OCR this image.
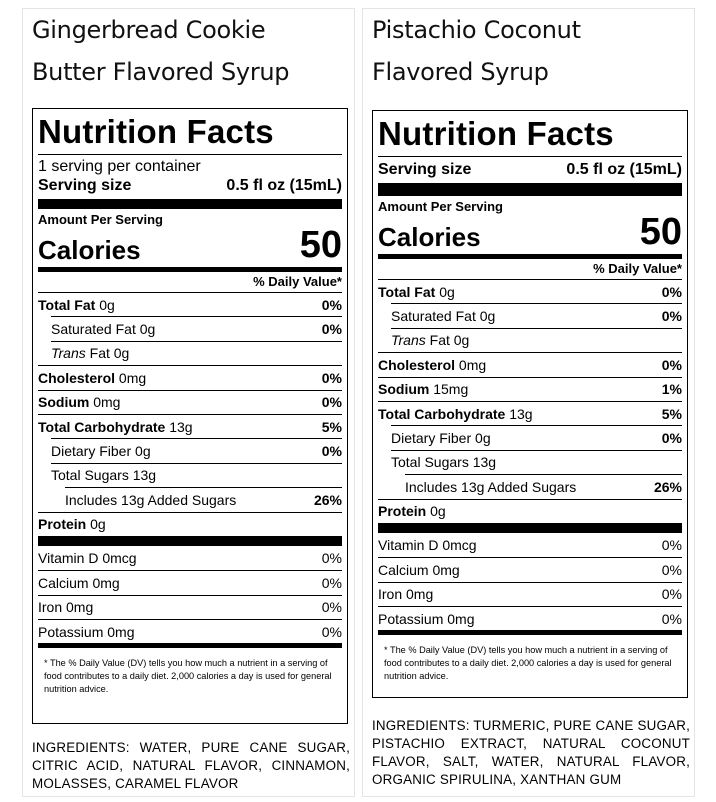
Gingerbread Cookie
Butter Flavored Syrup
Nutrition Facts
1 serving per container
Serving size	0.5 fl oz (15mL)
Amount Per Serving
Calories	50
% Daily Value*
Total Fat 0g	0%
Saturated Fat 0g	0%
Trans Fat 0g
Cholesterol 0mg	0%
Sodium 0mg	0%
Total Carbohydrate 13g	5%
Dietary Fiber 0g	0%
Total Sugars 13g
Includes 13g Added Sugars	26%
Protein 0g
Vitamin D 0mcg	0%
Calcium 0mg	0%
Iron 0mg	0%
Potassium 0mg	0%
* The % Daily Value (DV) tells you how much a nutrient in a serving of food contributes to a daily diet. 2,000 calories a day is used for general nutrition advice.
INGREDIENTS: WATER, PURE CANE SUGAR, CITRIC ACID, NATURAL FLAVOR, CINNAMON, MOLASSES, CARAMEL FLAVOR
Pistachio Coconut
Flavored Syrup
Nutrition Facts
Serving size	0.5 fl oz (15mL)
Amount Per Serving
Calories	50
% Daily Value*
Total Fat 0g	0%
Saturated Fat 0g	0%
Trans Fat 0g
Cholesterol 0mg	0%
Sodium 15mg	1%
Total Carbohydrate 13g	5%
Dietary Fiber 0g	0%
Total Sugars 13g
Includes 13g Added Sugars	26%
Protein 0g
Vitamin D 0mcg	0%
Calcium 0mg	0%
Iron 0mg	0%
Potassium 0mg	0%
* The % Daily Value (DV) tells you how much a nutrient in a serving of food contributes to a daily diet. 2,000 calories a day is used for general nutrition advice.
INGREDIENTS: TURMERIC, PURE CANE SUGAR, PISTACHIO EXTRACT, NATURAL COCONUT FLAVOR, SALT, WATER, NATURAL FLAVOR, ORGANIC SPIRULINA, XANTHAN GUM
